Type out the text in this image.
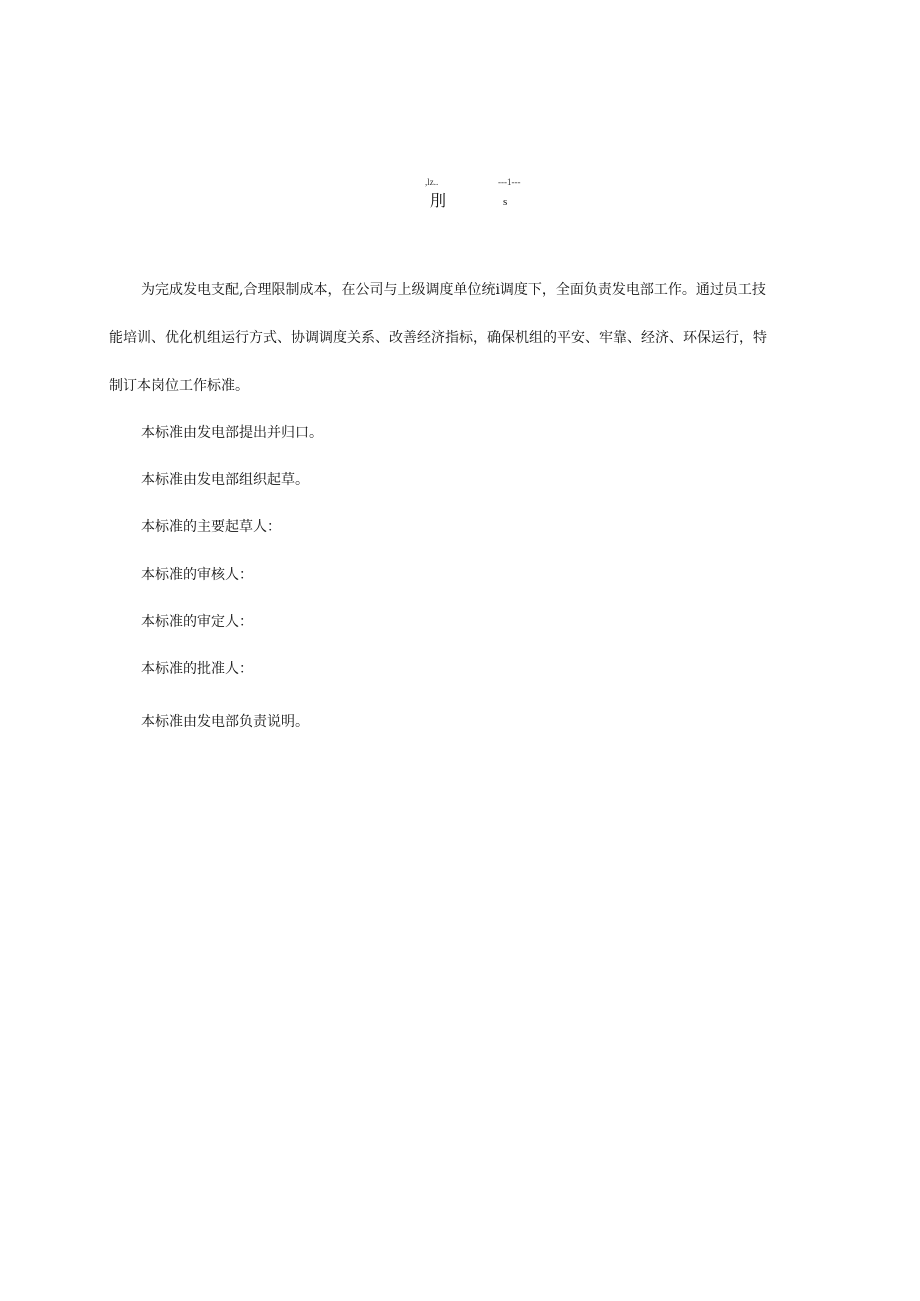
,lz..	---1---
刖	s
为完成发电支配,合理限制成本，在公司与上级调度单位统i调度下，全面负责发电部工作。通过员工技
能培训、优化机组运行方式、协调调度关系、改善经济指标，确保机组的平安、牢靠、经济、环保运行，特
制订本岗位工作标准。

本标准由发电部提出并归口。

本标准由发电部组织起草。

本标准的主要起草人：

本标准的审核人：

本标准的审定人：

本标准的批准人：

本标准由发电部负责说明。
